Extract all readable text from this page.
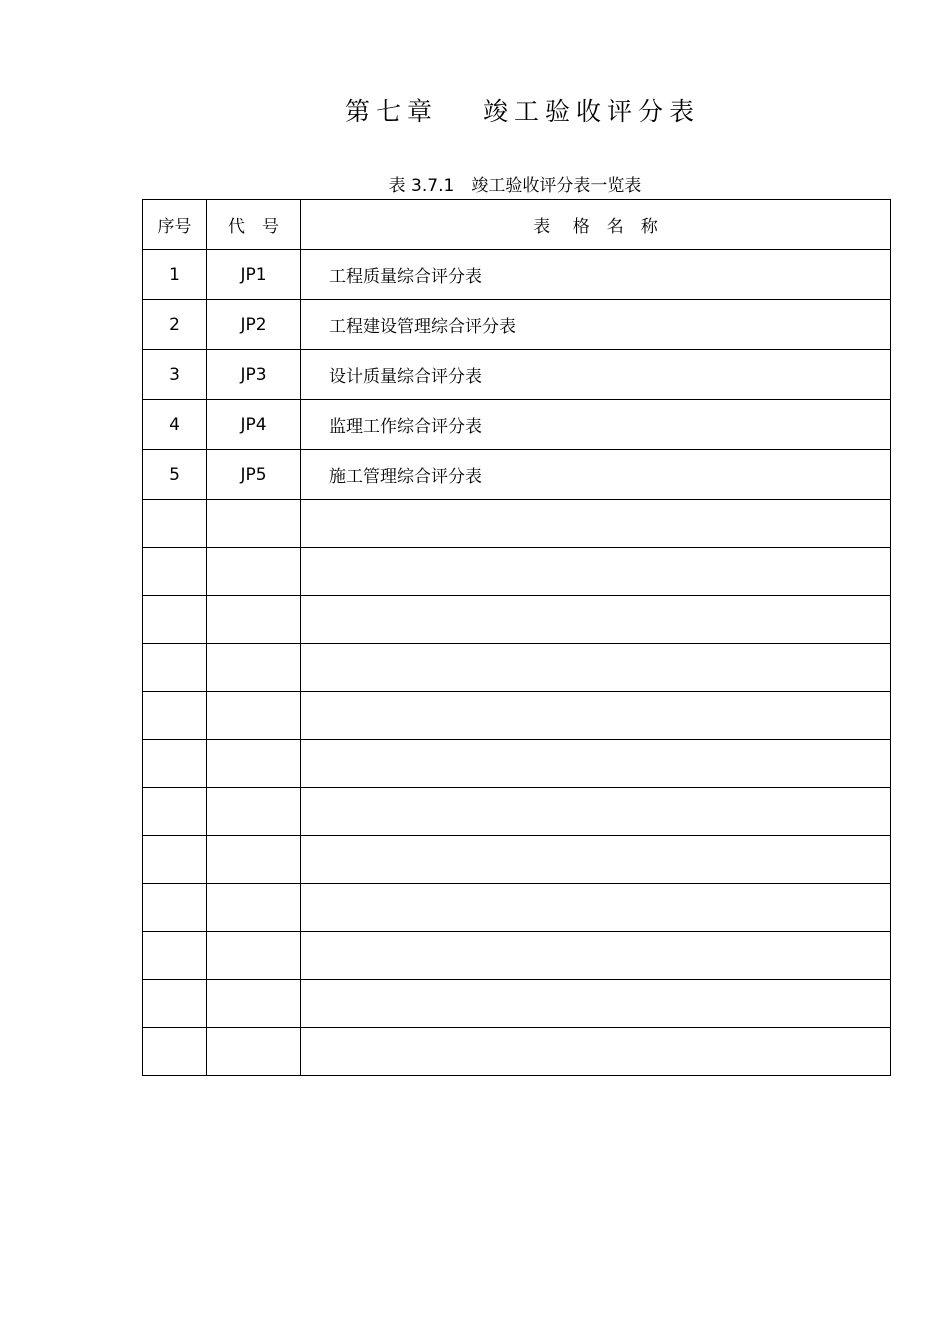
第七章　 竣工验收评分表
表 3.7.1　竣工验收评分表一览表
序号	代　号	表　 格　名　称
1	JP1	工程质量综合评分表
2	JP2	工程建设管理综合评分表
3	JP3	设计质量综合评分表
4	JP4	监理工作综合评分表
5	JP5	施工管理综合评分表
